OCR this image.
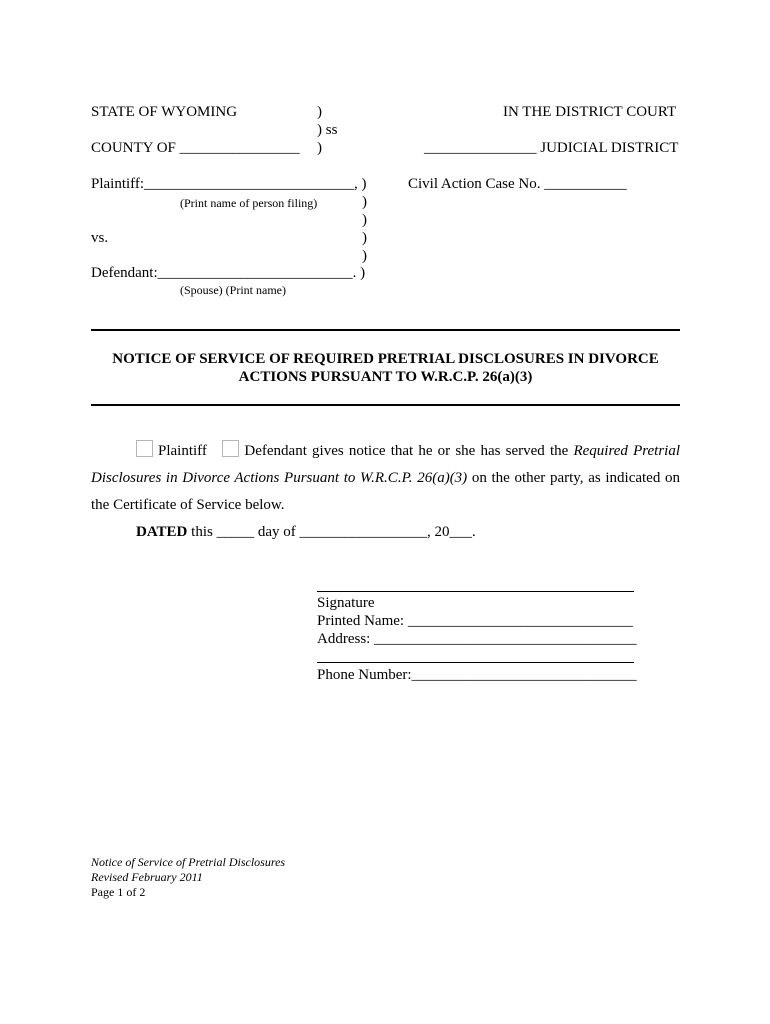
STATE OF WYOMING	)	IN THE DISTRICT COURT
) ss
COUNTY OF ________________ )	_______________ JUDICIAL DISTRICT
Plaintiff:____________________________, )	Civil Action Case No. ___________
(Print name of person filing)	)
)
vs.	)
)
Defendant:__________________________. )
(Spouse) (Print name)
NOTICE OF SERVICE OF REQUIRED PRETRIAL DISCLOSURES IN DIVORCE
ACTIONS PURSUANT TO W.R.C.P. 26(a)(3)
Plaintiff	Defendant gives notice that he or she has served the Required Pretrial Disclosures in Divorce Actions Pursuant to W.R.C.P. 26(a)(3) on the other party, as indicated on the Certificate of Service below.
DATED this _____ day of _________________, 20___.
Signature
Printed Name: ______________________________
Address: ___________________________________
Phone Number:______________________________
Notice of Service of Pretrial Disclosures
Revised February 2011
Page 1 of 2
